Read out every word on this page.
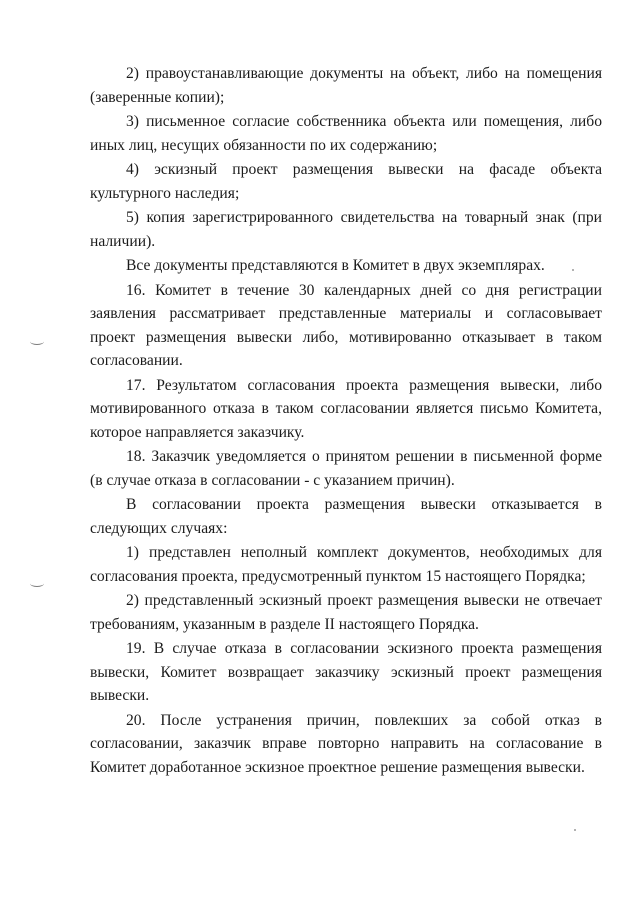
2) правоустанавливающие документы на объект, либо на помещения (заверенные копии);

3) письменное согласие собственника объекта или помещения, либо иных лиц, несущих обязанности по их содержанию;

4) эскизный проект размещения вывески на фасаде объекта культурного наследия;

5) копия зарегистрированного свидетельства на товарный знак (при наличии).

Все документы представляются в Комитет в двух экземплярах.

16. Комитет в течение 30 календарных дней со дня регистрации заявления рассматривает представленные материалы и согласовывает проект размещения вывески либо, мотивированно отказывает в таком согласовании.

17. Результатом согласования проекта размещения вывески, либо мотивированного отказа в таком согласовании является письмо Комитета, которое направляется заказчику.

18. Заказчик уведомляется о принятом решении в письменной форме (в случае отказа в согласовании - с указанием причин).

В согласовании проекта размещения вывески отказывается в следующих случаях:

1) представлен неполный комплект документов, необходимых для согласования проекта, предусмотренный пунктом 15 настоящего Порядка;

2) представленный эскизный проект размещения вывески не отвечает требованиям, указанным в разделе II настоящего Порядка.

19. В случае отказа в согласовании эскизного проекта размещения вывески, Комитет возвращает заказчику эскизный проект размещения вывески.

20. После устранения причин, повлекших за собой отказ в согласовании, заказчик вправе повторно направить на согласование в Комитет доработанное эскизное проектное решение размещения вывески.
